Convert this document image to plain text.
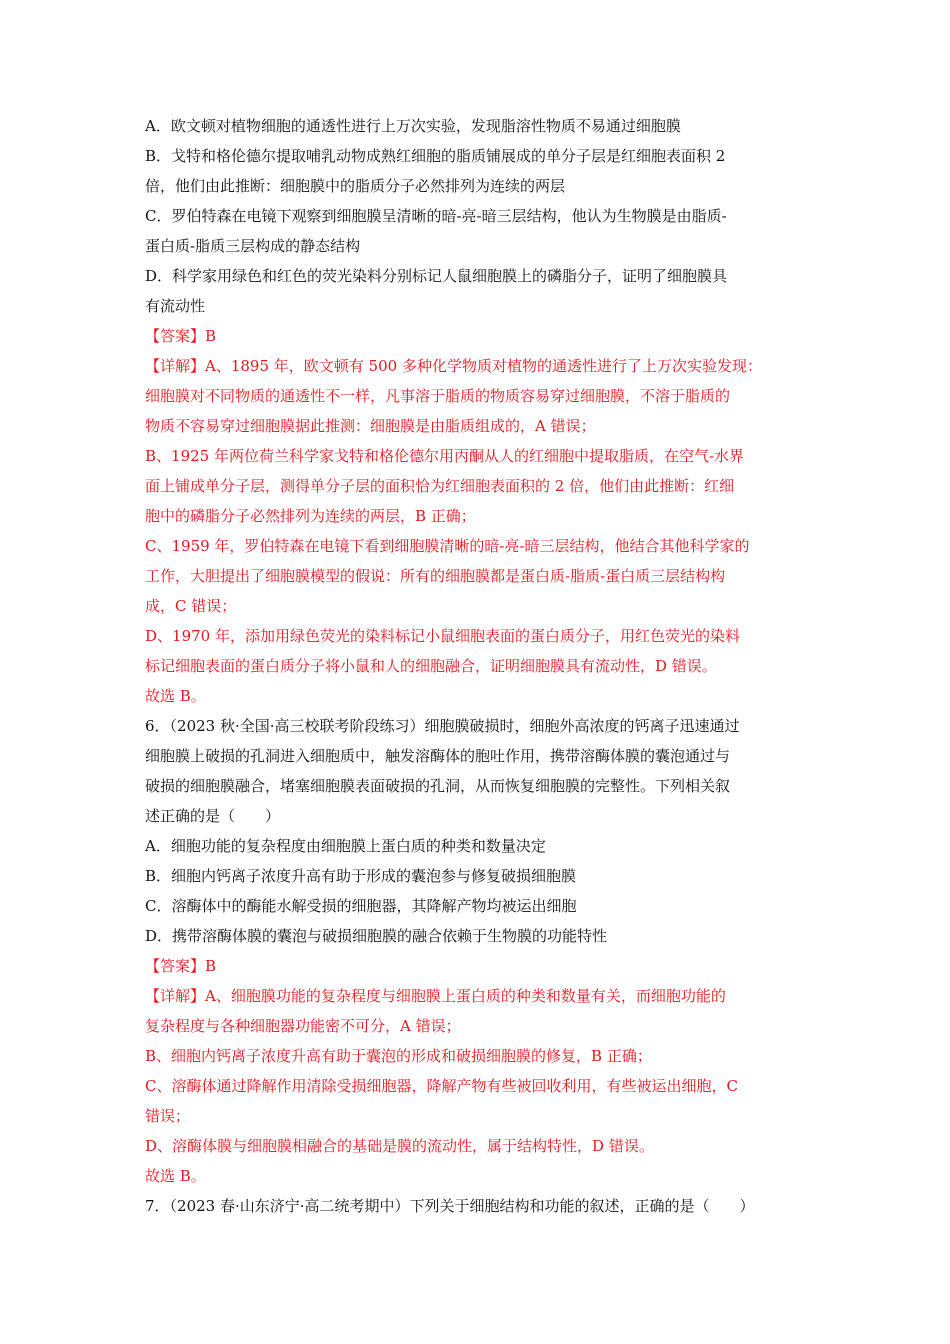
A．欧文顿对植物细胞的通透性进行上万次实验，发现脂溶性物质不易通过细胞膜
B．戈特和格伦德尔提取哺乳动物成熟红细胞的脂质铺展成的单分子层是红细胞表面积 2
倍，他们由此推断：细胞膜中的脂质分子必然排列为连续的两层
C．罗伯特森在电镜下观察到细胞膜呈清晰的暗-亮-暗三层结构，他认为生物膜是由脂质-
蛋白质-脂质三层构成的静态结构
D．科学家用绿色和红色的荧光染料分别标记人鼠细胞膜上的磷脂分子，证明了细胞膜具
有流动性
【答案】B
【详解】A、1895 年，欧文顿有 500 多种化学物质对植物的通透性进行了上万次实验发现：
细胞膜对不同物质的通透性不一样，凡事溶于脂质的物质容易穿过细胞膜，不溶于脂质的
物质不容易穿过细胞膜据此推测：细胞膜是由脂质组成的，A 错误；
B、1925 年两位荷兰科学家戈特和格伦德尔用丙酮从人的红细胞中提取脂质，在空气-水界
面上铺成单分子层，测得单分子层的面积恰为红细胞表面积的 2 倍，他们由此推断：红细
胞中的磷脂分子必然排列为连续的两层，B 正确；
C、1959 年，罗伯特森在电镜下看到细胞膜清晰的暗-亮-暗三层结构，他结合其他科学家的
工作，大胆提出了细胞膜模型的假说：所有的细胞膜都是蛋白质-脂质-蛋白质三层结构构
成，C 错误；
D、1970 年，添加用绿色荧光的染料标记小鼠细胞表面的蛋白质分子，用红色荧光的染料
标记细胞表面的蛋白质分子将小鼠和人的细胞融合，证明细胞膜具有流动性，D 错误。
故选 B。
6．（2023 秋·全国·高三校联考阶段练习）细胞膜破损时，细胞外高浓度的钙离子迅速通过
细胞膜上破损的孔洞进入细胞质中，触发溶酶体的胞吐作用，携带溶酶体膜的囊泡通过与
破损的细胞膜融合，堵塞细胞膜表面破损的孔洞，从而恢复细胞膜的完整性。下列相关叙
述正确的是（　　）
A．细胞功能的复杂程度由细胞膜上蛋白质的种类和数量决定
B．细胞内钙离子浓度升高有助于形成的囊泡参与修复破损细胞膜
C．溶酶体中的酶能水解受损的细胞器，其降解产物均被运出细胞
D．携带溶酶体膜的囊泡与破损细胞膜的融合依赖于生物膜的功能特性
【答案】B
【详解】A、细胞膜功能的复杂程度与细胞膜上蛋白质的种类和数量有关，而细胞功能的
复杂程度与各种细胞器功能密不可分，A 错误；
B、细胞内钙离子浓度升高有助于囊泡的形成和破损细胞膜的修复，B 正确；
C、溶酶体通过降解作用清除受损细胞器，降解产物有些被回收利用，有些被运出细胞，C
错误；
D、溶酶体膜与细胞膜相融合的基础是膜的流动性，属于结构特性，D 错误。
故选 B。
7．（2023 春·山东济宁·高二统考期中）下列关于细胞结构和功能的叙述，正确的是（　　）
